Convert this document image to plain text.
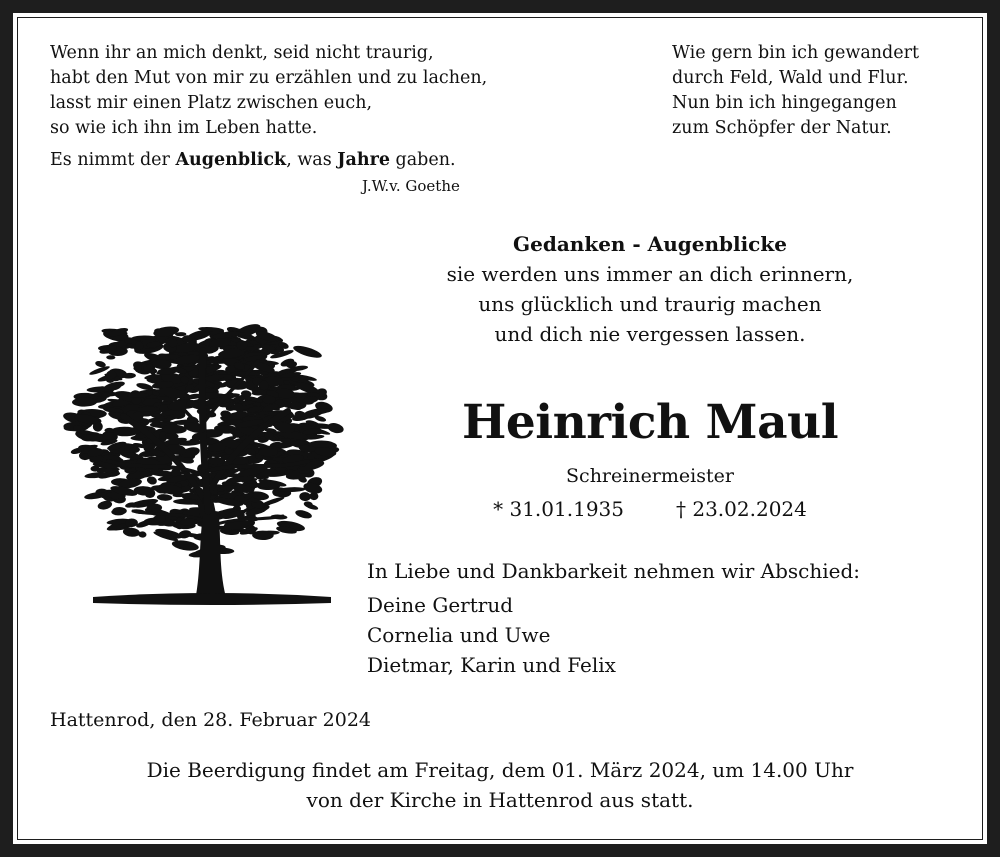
Wenn ihr an mich denkt, seid nicht traurig,
habt den Mut von mir zu erzählen und zu lachen,
lasst mir einen Platz zwischen euch,
so wie ich ihn im Leben hatte.
Wie gern bin ich gewandert
durch Feld, Wald und Flur.
Nun bin ich hingegangen
zum Schöpfer der Natur.
Es nimmt der Augenblick, was Jahre gaben.
J.W.v. Goethe
Gedanken - Augenblicke
sie werden uns immer an dich erinnern,
uns glücklich und traurig machen
und dich nie vergessen lassen.
Heinrich Maul
Schreinermeister
* 31.01.1935	† 23.02.2024
In Liebe und Dankbarkeit nehmen wir Abschied:
Deine Gertrud
Cornelia und Uwe
Dietmar, Karin und Felix
Hattenrod, den 28. Februar 2024
Die Beerdigung findet am Freitag, dem 01. März 2024, um 14.00 Uhr
von der Kirche in Hattenrod aus statt.
